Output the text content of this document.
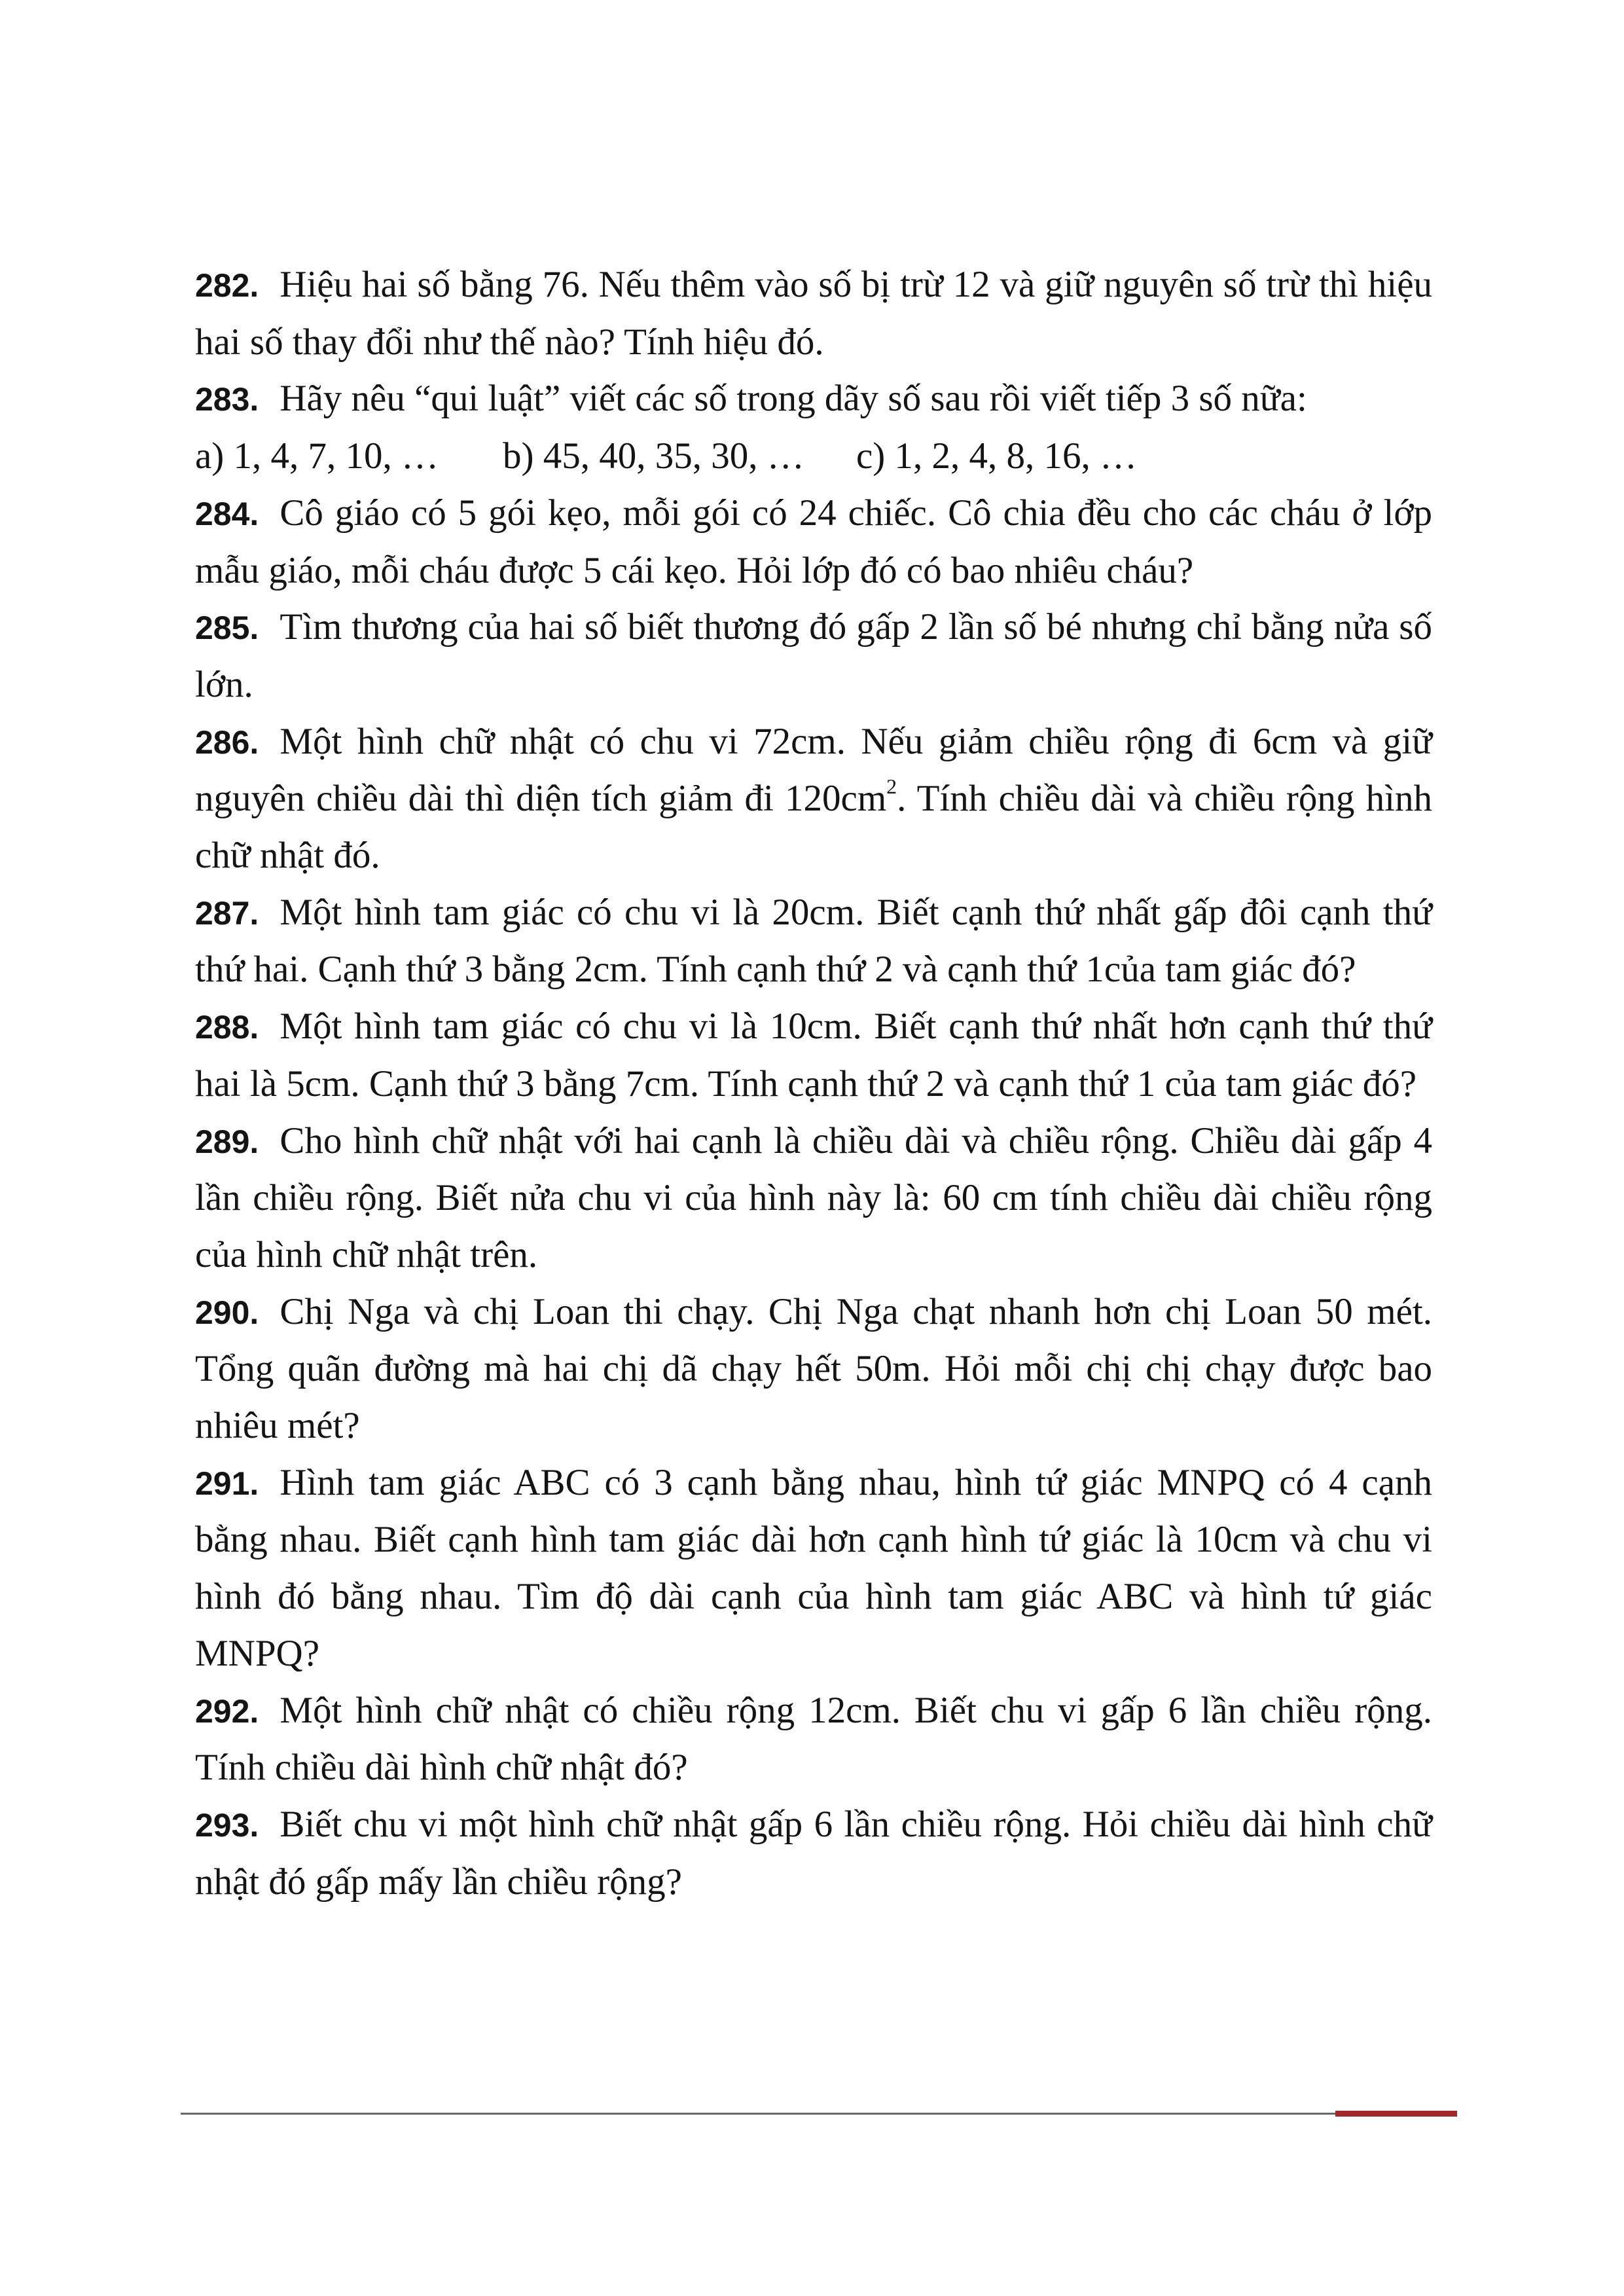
282. Hiệu hai số bằng 76. Nếu thêm vào số bị trừ 12 và giữ nguyên số trừ thì hiệu hai số thay đổi như thế nào? Tính hiệu đó.

283. Hãy nêu “qui luật” viết các số trong dãy số sau rồi viết tiếp 3 số nữa:

a) 1, 4, 7, 10, … b) 45, 40, 35, 30, … c) 1, 2, 4, 8, 16, …

284. Cô giáo có 5 gói kẹo, mỗi gói có 24 chiếc. Cô chia đều cho các cháu ở lớp mẫu giáo, mỗi cháu được 5 cái kẹo. Hỏi lớp đó có bao nhiêu cháu?

285. Tìm thương của hai số biết thương đó gấp 2 lần số bé nhưng chỉ bằng nửa số lớn.

286. Một hình chữ nhật có chu vi 72cm. Nếu giảm chiều rộng đi 6cm và giữ nguyên chiều dài thì diện tích giảm đi $120cm^2$. Tính chiều dài và chiều rộng hình chữ nhật đó.

287. Một hình tam giác có chu vi là 20cm. Biết cạnh thứ nhất gấp đôi cạnh thứ thứ hai. Cạnh thứ 3 bằng 2cm. Tính cạnh thứ 2 và cạnh thứ 1của tam giác đó?

288. Một hình tam giác có chu vi là 10cm. Biết cạnh thứ nhất hơn cạnh thứ thứ hai là 5cm. Cạnh thứ 3 bằng 7cm. Tính cạnh thứ 2 và cạnh thứ 1 của tam giác đó?

289. Cho hình chữ nhật với hai cạnh là chiều dài và chiều rộng. Chiều dài gấp 4 lần chiều rộng. Biết nửa chu vi của hình này là: 60 cm tính chiều dài chiều rộng của hình chữ nhật trên.

290. Chị Nga và chị Loan thi chạy. Chị Nga chạt nhanh hơn chị Loan 50 mét. Tổng quãn đường mà hai chị dã chạy hết 50m. Hỏi mỗi chị chị chạy được bao nhiêu mét?

291. Hình tam giác ABC có 3 cạnh bằng nhau, hình tứ giác MNPQ có 4 cạnh bằng nhau. Biết cạnh hình tam giác dài hơn cạnh hình tứ giác là 10cm và chu vi hình đó bằng nhau. Tìm độ dài cạnh của hình tam giác ABC và hình tứ giác MNPQ?

292. Một hình chữ nhật có chiều rộng 12cm. Biết chu vi gấp 6 lần chiều rộng. Tính chiều dài hình chữ nhật đó?

293. Biết chu vi một hình chữ nhật gấp 6 lần chiều rộng. Hỏi chiều dài hình chữ nhật đó gấp mấy lần chiều rộng?
